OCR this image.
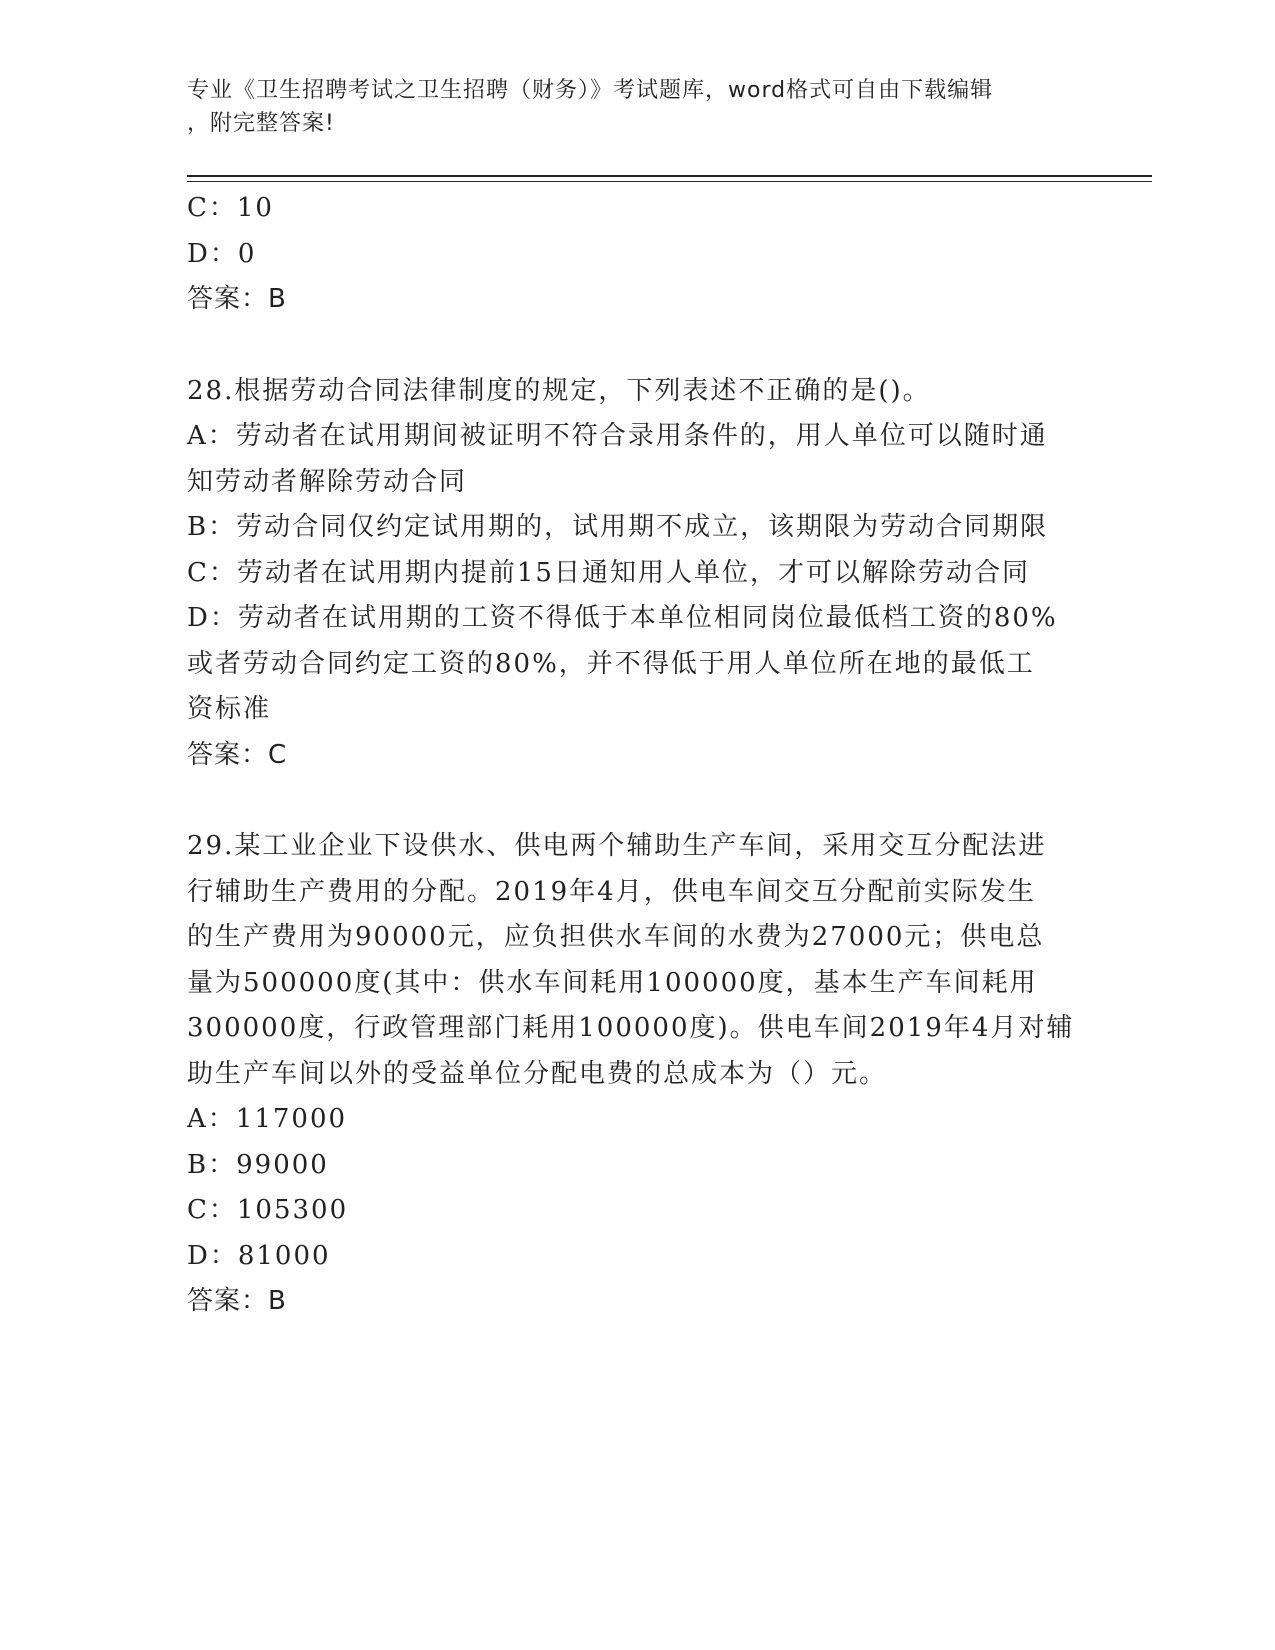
专业《卫生招聘考试之卫生招聘（财务）》考试题库，word格式可自由下载编辑
，附完整答案!
C：10
D：0
答案：B
28.根据劳动合同法律制度的规定，下列表述不正确的是()。
A：劳动者在试用期间被证明不符合录用条件的，用人单位可以随时通
知劳动者解除劳动合同
B：劳动合同仅约定试用期的，试用期不成立，该期限为劳动合同期限
C：劳动者在试用期内提前15日通知用人单位，才可以解除劳动合同
D：劳动者在试用期的工资不得低于本单位相同岗位最低档工资的80%
或者劳动合同约定工资的80%，并不得低于用人单位所在地的最低工
资标准
答案：C
29.某工业企业下设供水、供电两个辅助生产车间，采用交互分配法进
行辅助生产费用的分配。2019年4月，供电车间交互分配前实际发生
的生产费用为90000元，应负担供水车间的水费为27000元；供电总
量为500000度(其中：供水车间耗用100000度，基本生产车间耗用
300000度，行政管理部门耗用100000度)。供电车间2019年4月对辅
助生产车间以外的受益单位分配电费的总成本为（）元。
A：117000
B：99000
C：105300
D：81000
答案：B
